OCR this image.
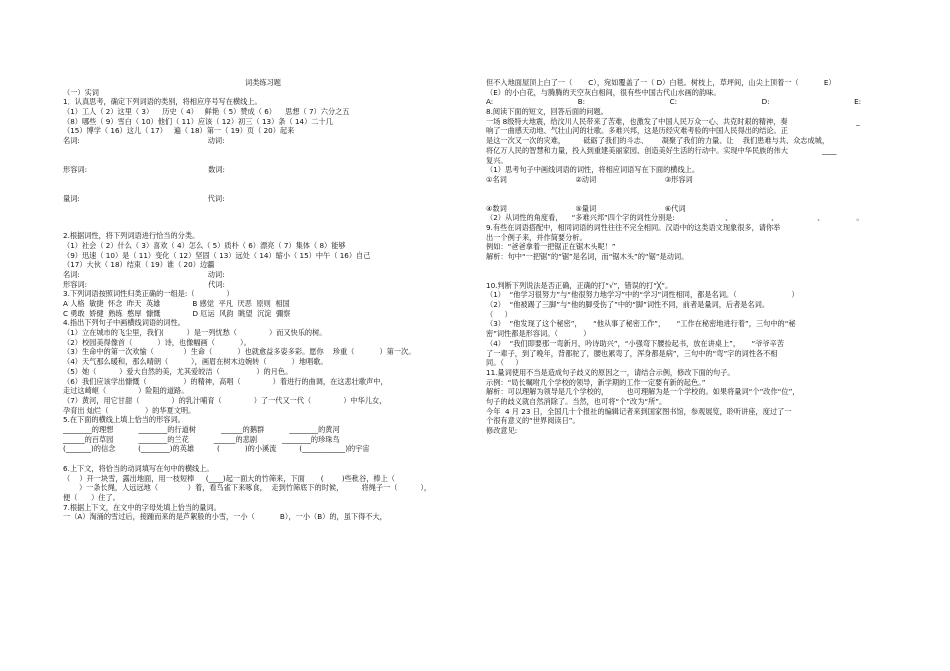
词类练习题
（一）实词
1．认真思考，确定下列词语的类别，将相应序号写在横线上。
（1）工人（ 2）这里（ 3）    历史（ 4）   鲜艳（ 5）赞成（ 6）    思想（ 7）六分之五
（8）哪些（ 9）雪白（ 10）他们（ 11）应该（ 12）初三（ 13）条（ 14）二十几
（15）博学（ 16）这儿（ 17）   遍（ 18）第一（ 19）页（ 20）起来
名词:                                                        动词:
形容词:                                                     数词:
量词:                                                        代词:
2.根据词性，将下列词语进行恰当的分类。
（1）社会（ 2）什么（ 3）喜欢（ 4）怎么（ 5）质朴（ 6）漂亮（ 7）集体（ 8）能够
（9）迅速（ 10）是（ 11）变化（ 12）坚固（ 13）远处（ 14）缩小（ 15）中午（ 16）自己
（17）大伙（ 18）结束（ 19）谁（ 20）边疆
名词:                                                        动词:
形容词:                                                     代词:
3.下列词语按照词性归类正确的一组是:（              ）
A 人格  敏捷  怀念  昨天  英雄              B 感觉  平凡  厌恶  原则  相国
C 勇敢  娇健  熟练  憨厚  慷慨              D 厄运  风韵  眺望  沉淀  彌察
4.指出下列句子中画横线词语的词性。
（1）立在城市的飞尘里，我们(          ）是一列忧愁（              ）而又快乐的树。
（2）校园美得像首（           ）诗，也像幅画（           ）。
（3）生命中的第一次欢愉（             ）生命（           ）也就愈益多姿多彩。愿你    珍重（           ）第一次。
（4）天气那么暖和，那么晴朗（          ），画眉在树木边婉转（           ）地唱歌。
（5）她（          ）爱大自然的美，尤其爱皎洁（                ）的月色。
（6）我们应该学出慷慨（                ）的精神，高唱（              ）着进行的曲调，在这悲壮歌声中，
走过这崎岖（              ）险阻的道路。
（7）黄河，用它甘甜（              ）的乳汁哺育（              ）了一代又一代（              ）中华儿女，
孕育出 灿烂（                ）的华夏文明。
5.在下面的横线上填上恰当的形容词。
________的理想           ________的行道树           ______的鹅群           ________的黄河
______的百草园           ________的兰花           ______的悲剧           ________的珍珠鸟
(_______)的信念          (________)的英雄          (           )的小溪流          (____________)的宇宙
6.上下文，将恰当的动词填写在句中的横线上。
（    ）开一块雪，露出地面，用一枝短棒     (____)起一面大的竹筛来，下面       (        )些秕谷，棒上（
）一条长绳，人远远地（             ）着，看鸟雀下来啄食，  走到竹筛底下的时候，        将绳子一（          ），
便（      ）住了。
7.根据上下文，在文中的字母处填上恰当的量词。
一（A）淘涌的雪过后，接踵而来的是芦絮般的小雪，一小（           B），一小（B）的，虽下得不大，
但不入地面屋顶上白了一（       C），宛如覆盖了一（ D）白毯。树枝上，草坪间，山尖上顶着一（           E）
（E）的小白花，与腾腾的天空灰白相间，很有些中国古代山水画的韵味。
A:                                     B:                                     C:                                     D:                                     E:
8.阅读下面的短文，回答后面的问题。
一场 8级特大地震，给汶川人民带来了苦难，也激发了中国人民万众一心、共克时艰的精神，奏                              _
响了一曲感天动地、气壮山河的壮歌。多难兴邦，这是历经灾难考验的中国人民得出的结论。正
是这一次又一次的灾难，        砥砺了我们的斗志、      凝聚了我们的力量、让    我们患难与共、众志成城，
将亿万人民的智慧和力量，投入到重建美丽家园、创造美好生活的行动中。实现中华民族的伟大               ____
复兴。
（1）思考句子中画线词语的词性，将相应词语写在下面的横线上。
①名词                              ②动词                              ③形容词
④数词                              ⑤量词                              ⑥代词
（2）从词性的角度看，    “多难兴邦”四个字的词性分别是:                      、                 、                 、              。
9.有些在词语搭配中，相同词语的词性往往不完全相同。汉语中的这类语文现象很多，请你举
出一个例子来，并作简要分析。
例如：“爸爸拿着一把锯正在锯木头呢！”
解析：句中“一把锯”的“锯”是名词，而“锯木头”的“锯”是动词。
10.判断下列说法是否正确，正确的打“√”，错误的打“╳”。
（1）  “他学习很努力”与“他很努力地学习”中的“学习”词性相同，都是名词。（                        ）
（2）  “他被踢了三脚”与“他的脚受伤了”中的“脚”词性不同，前者是量词，后者是名词。
（     ）
（3）  “他发现了这个秘密”，     “他从事了秘密工作”，     “工作在秘密地进行着”，三句中的“秘
密”词性都是形容词。（           ）
（4）  “我们即要那一弯新月，吟诗助兴”，“小强弯下腰捡起书，放在讲桌上”，     “爷爷辛苦
了一辈子，到了晚年，背都驼了，腰也累弯了，浑身都是病”，三句中的“弯”字的词性各不相
同。（     ）
11.量词使用不当是造成句子歧义的原因之一，请结合示例，修改下面的句子。
示例：“局长嘱咐几个学校的领导，新学期的工作一定要有新的起色。”
解析：可以理解为领导是几个学校的，        也可理解为是一个学校的。如果将量词“个”改作“位”，
句子的歧义就自然消除了。当然，也可将“个”改为“所”。
今年  4 月 23 日，全国几十个报社的编辑记者来到国家图书馆，参观展览，聆听讲座，度过了一
个很有意义的“世界阅读日”。
修改意见:
